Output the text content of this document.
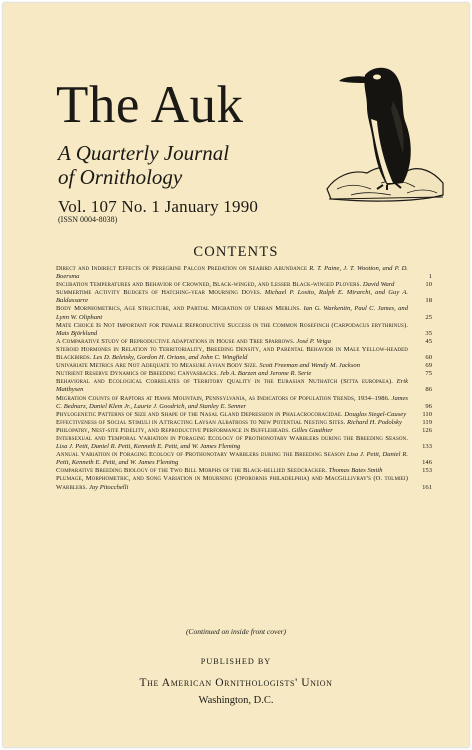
The Auk
A Quarterly Journal
of Ornithology
Vol. 107 No. 1 January 1990
(ISSN 0004-8038)
CONTENTS
Direct and Indirect Effects of Peregrine Falcon Predation on Seabird Abundance R. T. Paine, J. T. Wootton, and P. D. Boersma	1
Incubation Temperatures and Behavior of Crowned, Black-winged, and Lesser Black-winged Plovers. David Ward	10
Summertime Activity Budgets of Hatching-year Mourning Doves. Michael P. Losito, Ralph E. Mirarchi, and Guy A. Baldassarre	18
Body Morphometrics, Age Structure, and Partial Migration of Urban Merlins. Ian G. Warkentin, Paul C. James, and Lynn W. Oliphant	25
Mate Choice Is Not Important for Female Reproductive Success in the Common Rosefinch (Carpodacus erythrinus). Mats Björklund	35
A Comparative Study of Reproductive Adaptations in House and Tree Sparrows. José P. Veiga	45
Steroid Hormones in Relation to Territoriality, Breeding Density, and Parental Behavior in Male Yellow-headed Blackbirds. Les D. Beletsky, Gordon H. Orians, and John C. Wingfield	60
Univariate Metrics Are Not Adequate to Measure Avian Body Size. Scott Freeman and Wendy M. Jackson	69
Nutrient Reserve Dynamics of Breeding Canvasbacks. Jeb A. Barzen and Jerome R. Serie	75
Behavioral and Ecological Correlates of Territory Quality in the Eurasian Nuthatch (Sitta europaea). Erik Matthysen	86
Migration Counts of Raptors at Hawk Mountain, Pennsylvania, as Indicators of Population Trends, 1934–1986. James C. Bednarz, Daniel Klem Jr., Laurie J. Goodrich, and Stanley E. Senner	96
Phylogenetic Patterns of Size and Shape of the Nasal Gland Depression in Phalacrocoracidae. Douglas Siegel-Causey 110
Effectiveness of Social Stimuli in Attracting Laysan Albatross to New Potential Nesting Sites. Richard H. Podolsky	119
Philopatry, Nest-site Fidelity, and Reproductive Performance in Buffleheads. Gilles Gauthier	126
Intersexual and Temporal Variation in Foraging Ecology of Prothonotary Warblers during the Breeding Season. Lisa J. Petit, Daniel R. Petit, Kenneth E. Petit, and W. James Fleming	133
Annual Variation in Foraging Ecology of Prothonotary Warblers during the Breeding Season Lisa J. Petit, Daniel R. Petit, Kenneth E. Petit, and W. James Fleming	146
Comparative Breeding Biology of the Two Bill Morphs of the Black-bellied Seedcracker. Thomas Bates Smith	153
Plumage, Morphometric, and Song Variation in Mourning (Oporornis philadelphia) and MacGillivray's (O. tolmiei) Warblers. Jay Pitocchelli	161
(Continued on inside front cover)
PUBLISHED BY
The American Ornithologists' Union
Washington, D.C.
